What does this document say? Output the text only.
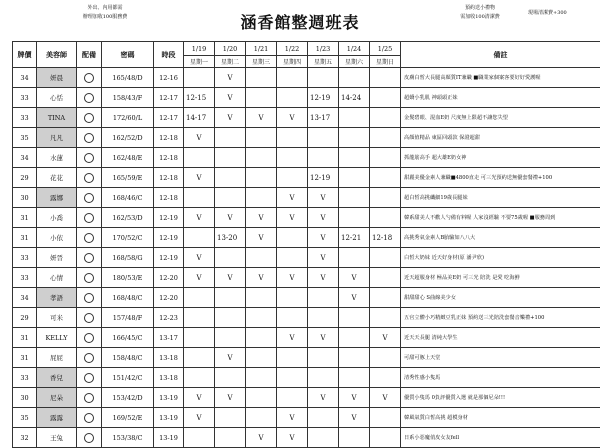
外出、內用都需
辦理加收100服務費	涵香館整週班表
預約送小禮物
需加收100清潔費
現場清潔費+300
牌價	美容師	配備	密碼	時段	1/19	1/20	1/21	1/22	1/23	1/24	1/25	備註
					星期一	星期二	星期三	星期四	星期五	星期六	星期日	
34	妍晨		165/48/D	12-16		V						皮膚白皙大長腿高顏質IT兼職 ■職業家個案客要好好愛護喔
33	心恬		158/43/F	12-17	12-15	V			12-19	14-24		超嬌小乳肌 神頭頭正妹
33	TINA		172/60/L	12-17	14-17	V	V	V	13-17			金髮碧眼、混血E奶 尺度無上限超不讓您失望
35	凡凡		162/52/D	12-18	V							高顏值精品 東區回頭款 保證超甜
34	水蓮		162/48/E	12-18								抓龍筋高手 超大雄E奶女神
29	花花		165/59/E	12-18	V				12-19			甜麗美優金素人兼職■4800直走 可三光預約送無優套餐禮+100
30	露娜		168/46/C	12-18				V	V			超白皙高挑纖細19歲長腿妹
31	小喬		162/53/D	12-19	V	V	V	V	V			韓系甜美人不歡人勺備有料喔 人家沒經驗 不要75歲喔 ■服務周到
31	小依		170/52/C	12-19		13-20	V		V	12-21	12-18	高挑秀氣金素人B胎驗如八八大
33	妍晉		168/58/G	12-19	V				V			白皙大奶妹 近天好身材(原 潘尹欣)
33	心情		180/53/E	12-20	V	V	V	V	V	V		近天超服身材 極品美E奶 可三光 陪洗 是愛 吃海鮮
34	孝語		168/48/C	12-20						V		甜甜甜心 S曲線美少女
29	可米		157/48/F	12-23								五官立體小巧精緻豆乳正妹 預約送三光陪洗套餐音樂禮+100
31	KELLY		166/45/C	13-17				V	V		V	近天天長腿 清純大學生
31	屁屁		158/48/C	13-18		V						可甜可豚上天堂
33	香兒		151/42/C	13-18								清秀性感小隻馬
30	尼朵		153/42/D	13-19	V	V			V	V	V	優質小隻馬 0負評優質入選 就是那個尼朵!!!
35	露露		169/52/E	13-19	V			V		V		韓風氣質白皙高挑 超模身材
32	王兔		153/38/C	13-19			V	V				日系小惡魔俏皮女友fell
